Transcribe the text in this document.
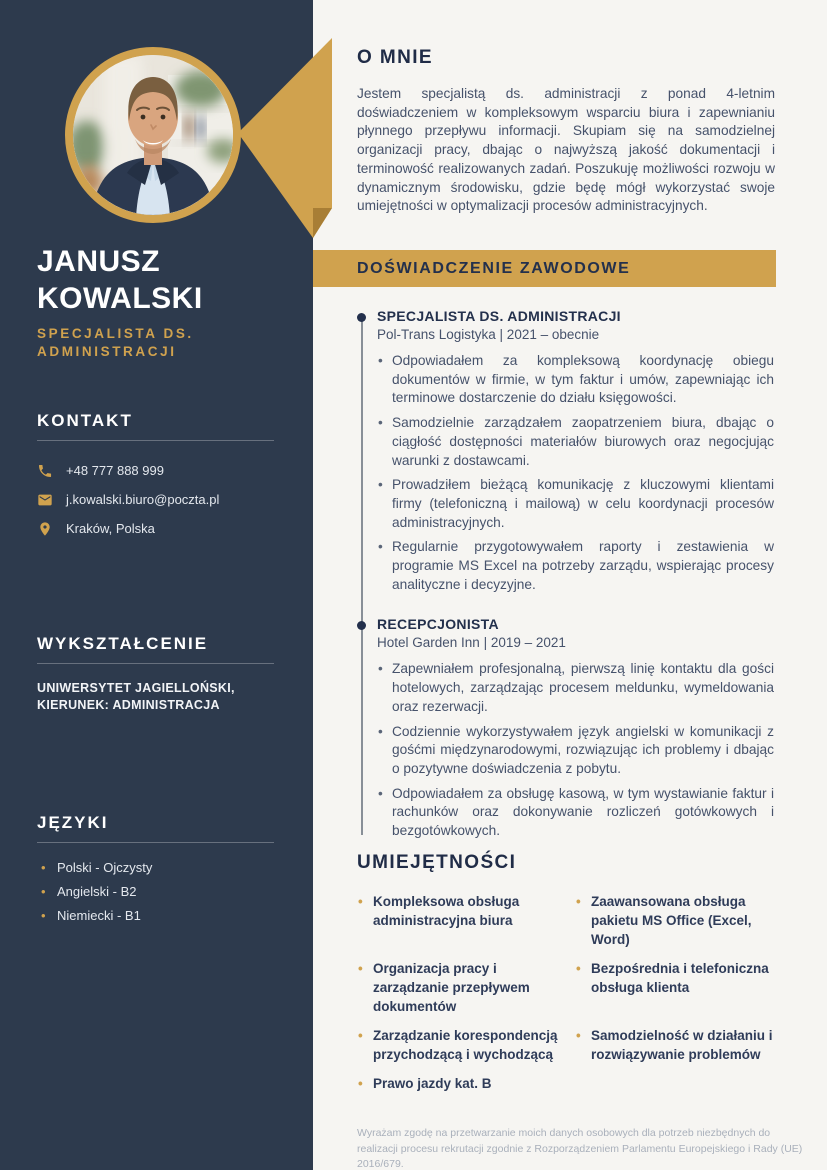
JANUSZ KOWALSKI
SPECJALISTA DS. ADMINISTRACJI
KONTAKT
+48 777 888 999
j.kowalski.biuro@poczta.pl
Kraków, Polska
WYKSZTAŁCENIE
UNIWERSYTET JAGIELLOŃSKI, KIERUNEK: ADMINISTRACJA
JĘZYKI
• Polski - Ojczysty
• Angielski - B2
• Niemiecki - B1
O MNIE

Jestem specjalistą ds. administracji z ponad 4-letnim doświadczeniem w kompleksowym wsparciu biura i zapewnianiu płynnego przepływu informacji. Skupiam się na samodzielnej organizacji pracy, dbając o najwyższą jakość dokumentacji i terminowość realizowanych zadań. Poszukuję możliwości rozwoju w dynamicznym środowisku, gdzie będę mógł wykorzystać swoje umiejętności w optymalizacji procesów administracyjnych.

DOŚWIADCZENIE ZAWODOWE
SPECJALISTA DS. ADMINISTRACJI
Pol-Trans Logistyka | 2021 – obecnie
• Odpowiadałem za kompleksową koordynację obiegu dokumentów w firmie, w tym faktur i umów, zapewniając ich terminowe dostarczenie do działu księgowości.
• Samodzielnie zarządzałem zaopatrzeniem biura, dbając o ciągłość dostępności materiałów biurowych oraz negocjując warunki z dostawcami.
• Prowadziłem bieżącą komunikację z kluczowymi klientami firmy (telefoniczną i mailową) w celu koordynacji procesów administracyjnych.
• Regularnie przygotowywałem raporty i zestawienia w programie MS Excel na potrzeby zarządu, wspierając procesy analityczne i decyzyjne.
RECEPCJONISTA
Hotel Garden Inn | 2019 – 2021
• Zapewniałem profesjonalną, pierwszą linię kontaktu dla gości hotelowych, zarządzając procesem meldunku, wymeldowania oraz rezerwacji.
• Codziennie wykorzystywałem język angielski w komunikacji z gośćmi międzynarodowymi, rozwiązując ich problemy i dbając o pozytywne doświadczenia z pobytu.
• Odpowiadałem za obsługę kasową, w tym wystawianie faktur i rachunków oraz dokonywanie rozliczeń gotówkowych i bezgotówkowych.
UMIEJĘTNOŚCI
• Kompleksowa obsługa administracyjna biura
• Zaawansowana obsługa pakietu MS Office (Excel, Word)
• Organizacja pracy i zarządzanie przepływem dokumentów
• Bezpośrednia i telefoniczna obsługa klienta
• Zarządzanie korespondencją przychodzącą i wychodzącą
• Samodzielność w działaniu i rozwiązywanie problemów
• Prawo jazdy kat. B

Wyrażam zgodę na przetwarzanie moich danych osobowych dla potrzeb niezbędnych do realizacji procesu rekrutacji zgodnie z Rozporządzeniem Parlamentu Europejskiego i Rady (UE) 2016/679.
